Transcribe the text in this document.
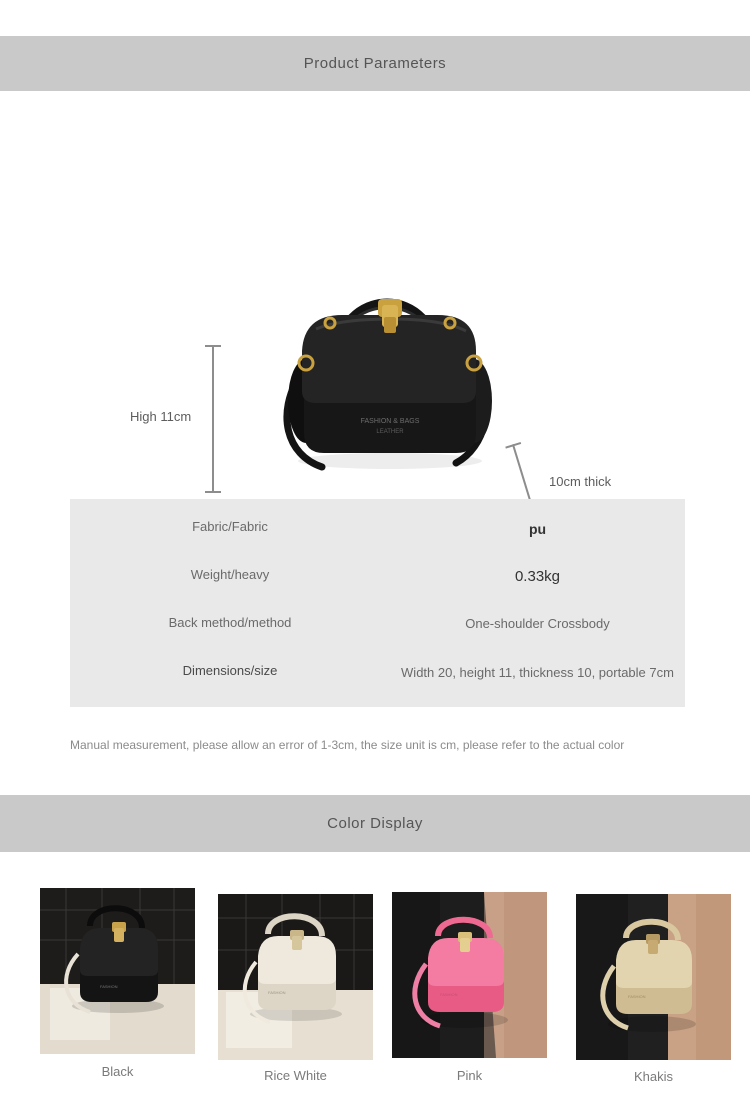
Product Parameters
FASHION & BAGS
LEATHER
High 11cm
10cm thick
Fabric/Fabric	pu
Weight/heavy	0.33kg
Back method/method	One-shoulder Crossbody
Dimensions/size	Width 20, height 11, thickness 10, portable 7cm
Manual measurement, please allow an error of 1-3cm, the size unit is cm, please refer to the actual color
Color Display
FASHION
Black
FASHION
Rice White
FASHION
Pink
FASHION
Khakis
